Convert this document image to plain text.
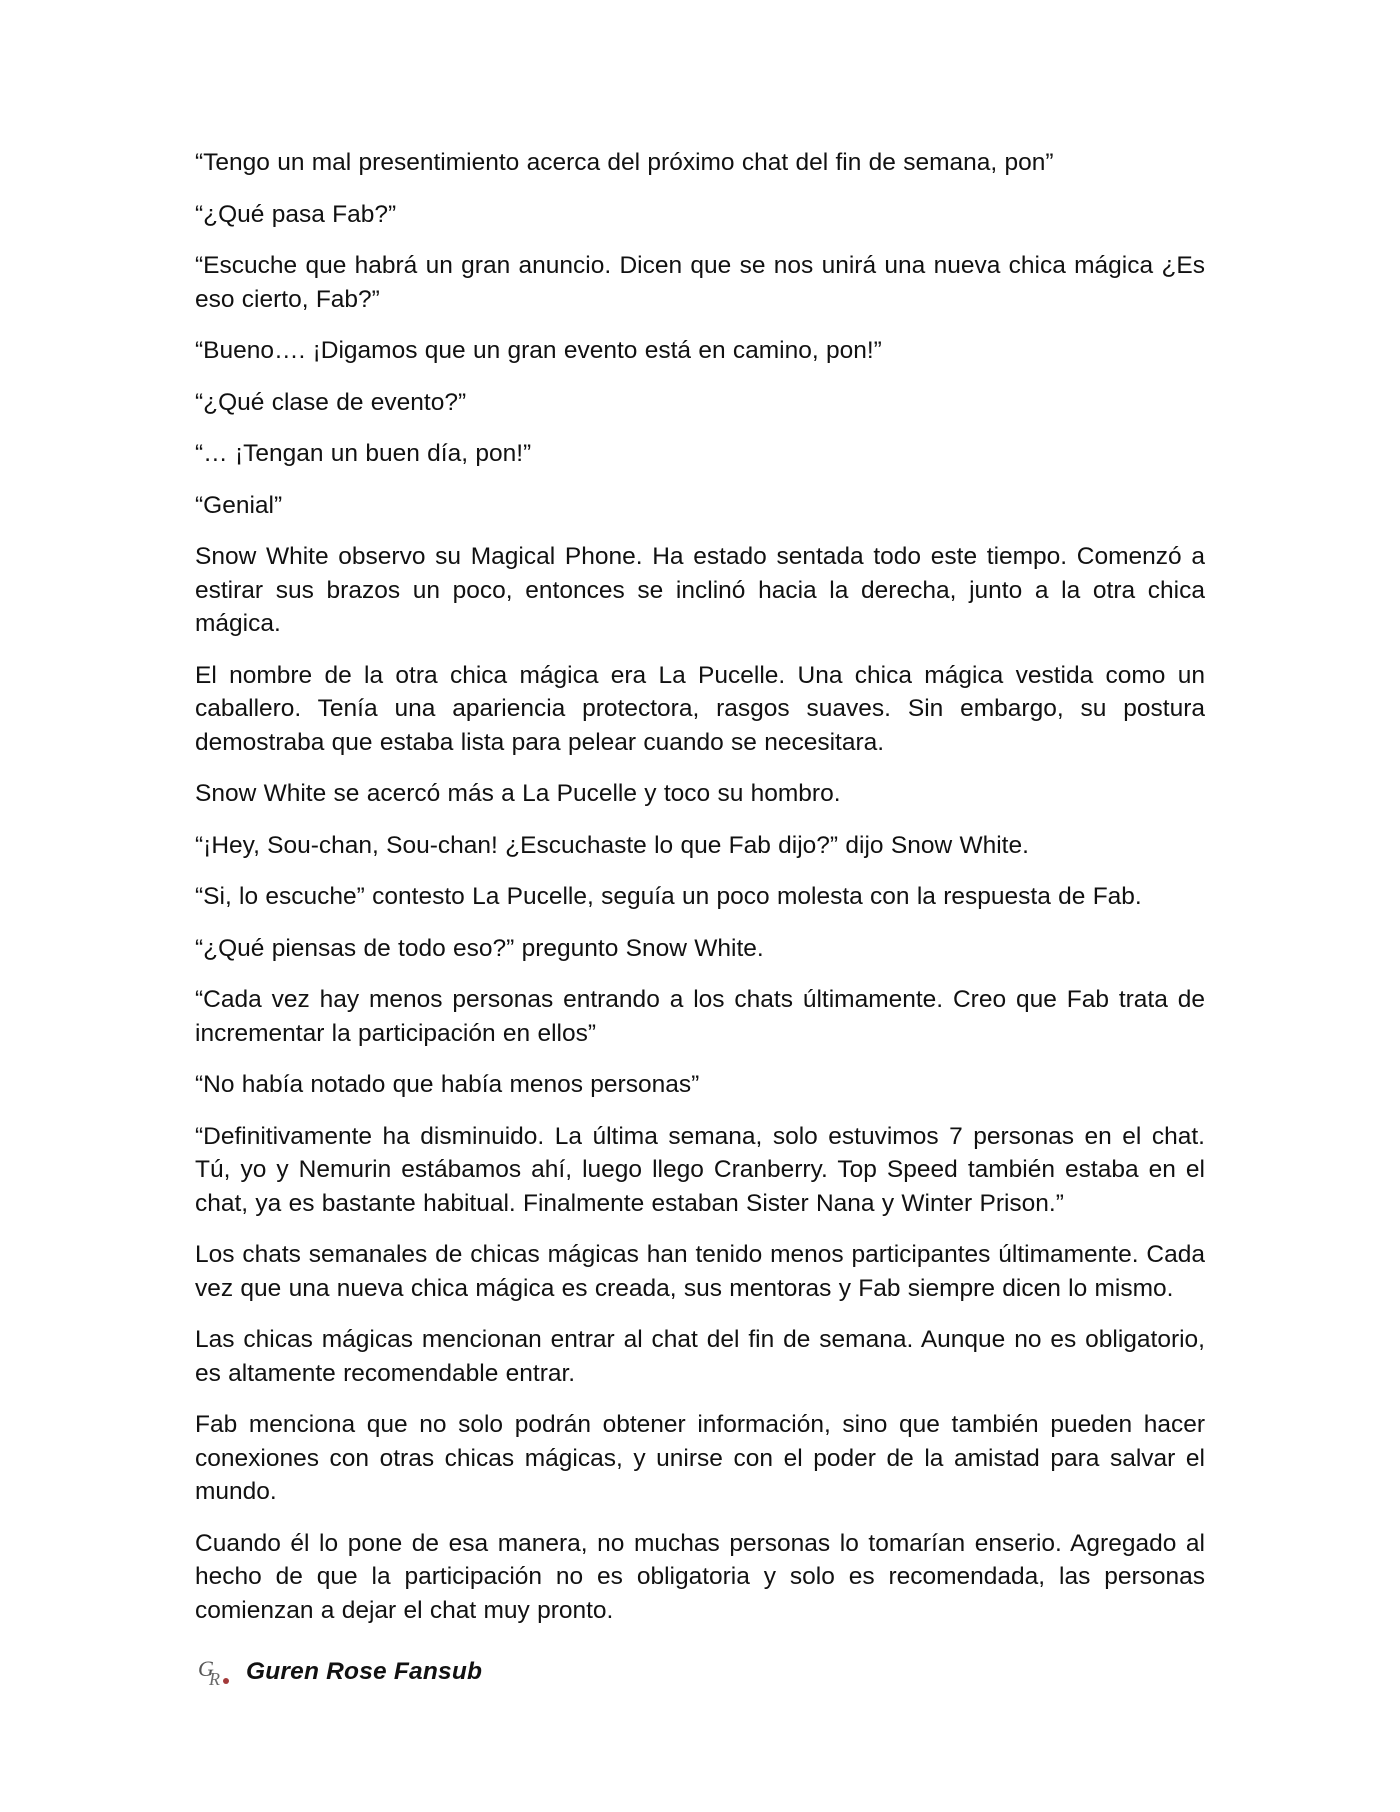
“Tengo un mal presentimiento acerca del próximo chat del fin de semana, pon”

“¿Qué pasa Fab?”

“Escuche que habrá un gran anuncio. Dicen que se nos unirá una nueva chica mágica ¿Es eso cierto, Fab?”

“Bueno…. ¡Digamos que un gran evento está en camino, pon!”

“¿Qué clase de evento?”

“… ¡Tengan un buen día, pon!”

“Genial”

Snow White observo su Magical Phone. Ha estado sentada todo este tiempo. Comenzó a estirar sus brazos un poco, entonces se inclinó hacia la derecha, junto a la otra chica mágica.

El nombre de la otra chica mágica era La Pucelle. Una chica mágica vestida como un caballero. Tenía una apariencia protectora, rasgos suaves. Sin embargo, su postura demostraba que estaba lista para pelear cuando se necesitara.

Snow White se acercó más a La Pucelle y toco su hombro.

“¡Hey, Sou-chan, Sou-chan! ¿Escuchaste lo que Fab dijo?” dijo Snow White.

“Si, lo escuche” contesto La Pucelle, seguía un poco molesta con la respuesta de Fab.

“¿Qué piensas de todo eso?” pregunto Snow White.

“Cada vez hay menos personas entrando a los chats últimamente. Creo que Fab trata de incrementar la participación en ellos”

“No había notado que había menos personas”

“Definitivamente ha disminuido. La última semana, solo estuvimos 7 personas en el chat. Tú, yo y Nemurin estábamos ahí, luego llego Cranberry. Top Speed también estaba en el chat, ya es bastante habitual. Finalmente estaban Sister Nana y Winter Prison.”

Los chats semanales de chicas mágicas han tenido menos participantes últimamente. Cada vez que una nueva chica mágica es creada, sus mentoras y Fab siempre dicen lo mismo.

Las chicas mágicas mencionan entrar al chat del fin de semana. Aunque no es obligatorio, es altamente recomendable entrar.

Fab menciona que no solo podrán obtener información, sino que también pueden hacer conexiones con otras chicas mágicas, y unirse con el poder de la amistad para salvar el mundo.

Cuando él lo pone de esa manera, no muchas personas lo tomarían enserio. Agregado al hecho de que la participación no es obligatoria y solo es recomendada, las personas comienzan a dejar el chat muy pronto.

G
R Guren Rose Fansub
